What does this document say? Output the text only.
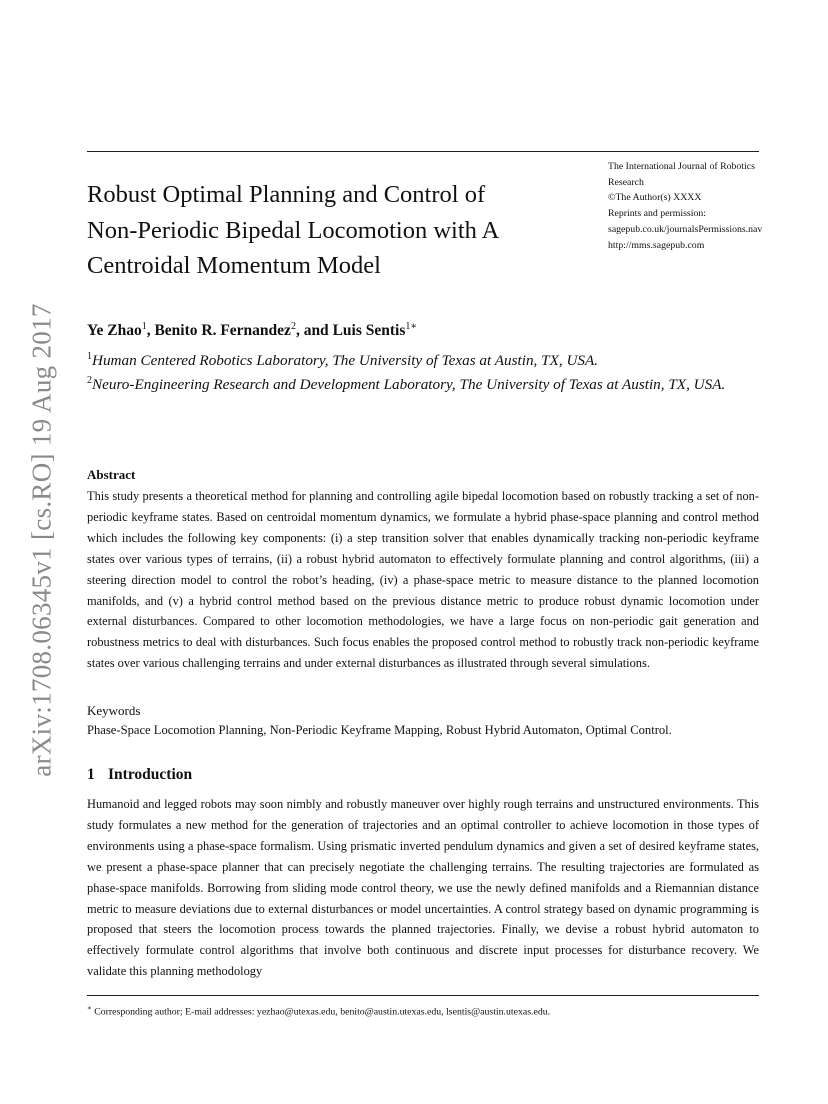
arXiv:1708.06345v1 [cs.RO] 19 Aug 2017
Robust Optimal Planning and Control of
Non-Periodic Bipedal Locomotion with A
Centroidal Momentum Model
The International Journal of Robotics
Research
©The Author(s) XXXX
Reprints and permission:
sagepub.co.uk/journalsPermissions.nav
http://mms.sagepub.com
Ye Zhao$^1$, Benito R. Fernandez$^2$, and Luis Sentis$^{1∗}$
$^1$Human Centered Robotics Laboratory, The University of Texas at Austin, TX, USA.
$^2$Neuro-Engineering Research and Development Laboratory, The University of Texas at Austin, TX, USA.
Abstract
This study presents a theoretical method for planning and controlling agile bipedal locomotion based on robustly tracking a set of non-periodic keyframe states. Based on centroidal momentum dynamics, we formulate a hybrid phase-space planning and control method which includes the following key components: (i) a step transition solver that enables dynamically tracking non-periodic keyframe states over various types of terrains, (ii) a robust hybrid automaton to effectively formulate planning and control algorithms, (iii) a steering direction model to control the robot’s heading, (iv) a phase-space metric to measure distance to the planned locomotion manifolds, and (v) a hybrid control method based on the previous distance metric to produce robust dynamic locomotion under external disturbances. Compared to other locomotion methodologies, we have a large focus on non-periodic gait generation and robustness metrics to deal with disturbances. Such focus enables the proposed control method to robustly track non-periodic keyframe states over various challenging terrains and under external disturbances as illustrated through several simulations.
Keywords
Phase-Space Locomotion Planning, Non-Periodic Keyframe Mapping, Robust Hybrid Automaton, Optimal Control.
1 Introduction
Humanoid and legged robots may soon nimbly and robustly maneuver over highly rough terrains and unstructured environments. This study formulates a new method for the generation of trajectories and an optimal controller to achieve locomotion in those types of environments using a phase-space formalism. Using prismatic inverted pendulum dynamics and given a set of desired keyframe states, we present a phase-space planner that can precisely negotiate the challenging terrains. The resulting trajectories are formulated as phase-space manifolds. Borrowing from sliding mode control theory, we use the newly defined manifolds and a Riemannian distance metric to measure deviations due to external disturbances or model uncertainties. A control strategy based on dynamic programming is proposed that steers the locomotion process towards the planned trajectories. Finally, we devise a robust hybrid automaton to effectively formulate control algorithms that involve both continuous and discrete input processes for disturbance recovery. We validate this planning methodology
∗ Corresponding author; E-mail addresses: yezhao@utexas.edu, benito@austin.utexas.edu, lsentis@austin.utexas.edu.
